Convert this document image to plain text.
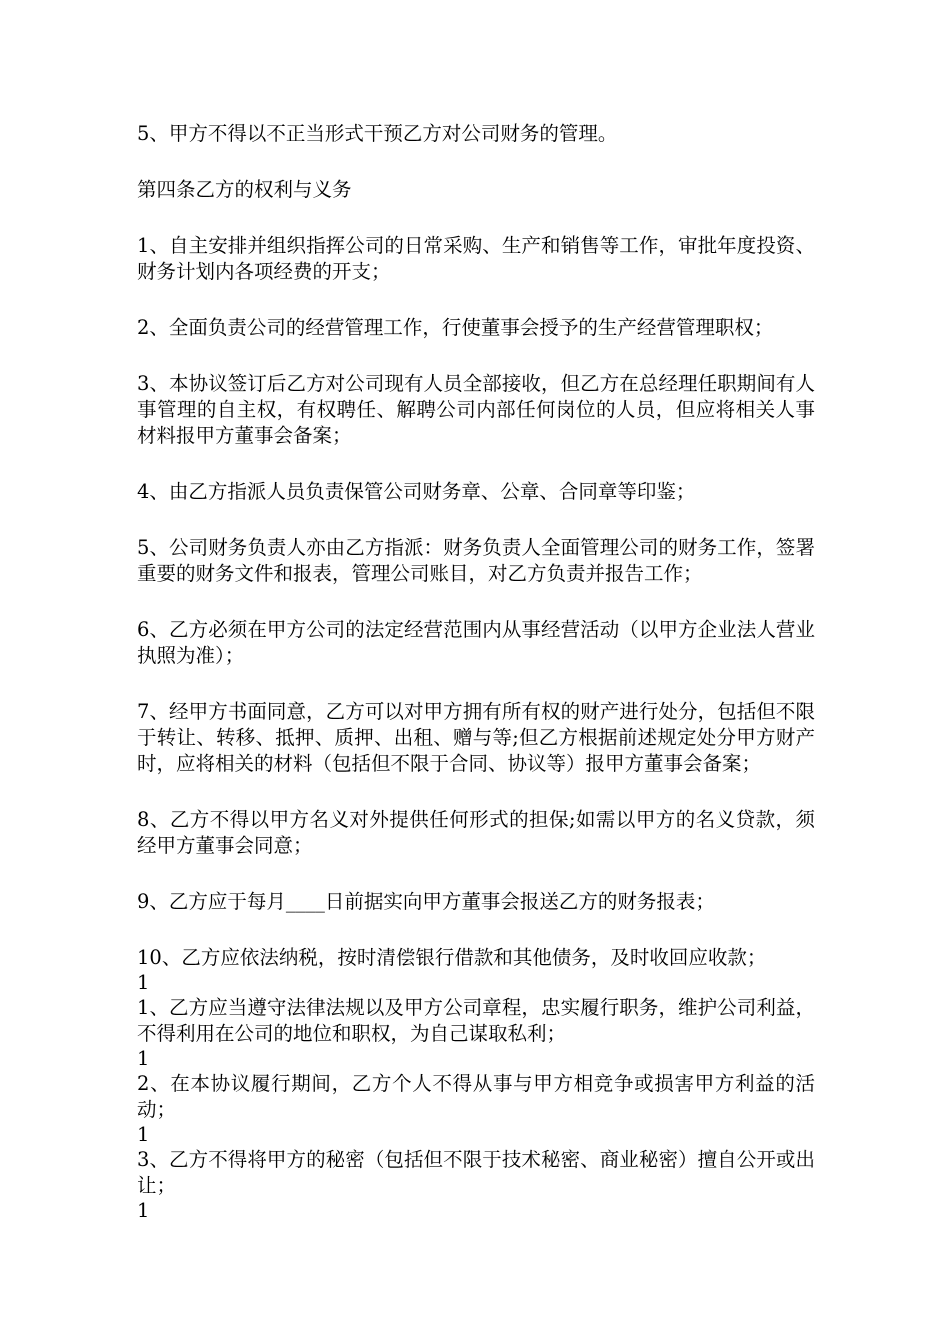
5、甲方不得以不正当形式干预乙方对公司财务的管理。

第四条乙方的权利与义务

1、自主安排并组织指挥公司的日常采购、生产和销售等工作，审批年度投资、财务计划内各项经费的开支；

2、全面负责公司的经营管理工作，行使董事会授予的生产经营管理职权；

3、本协议签订后乙方对公司现有人员全部接收，但乙方在总经理任职期间有人事管理的自主权，有权聘任、解聘公司内部任何岗位的人员，但应将相关人事材料报甲方董事会备案；

4、由乙方指派人员负责保管公司财务章、公章、合同章等印鉴；

5、公司财务负责人亦由乙方指派：财务负责人全面管理公司的财务工作，签署重要的财务文件和报表，管理公司账目，对乙方负责并报告工作；

6、乙方必须在甲方公司的法定经营范围内从事经营活动（以甲方企业法人营业执照为准）；

7、经甲方书面同意，乙方可以对甲方拥有所有权的财产进行处分，包括但不限于转让、转移、抵押、质押、出租、赠与等;但乙方根据前述规定处分甲方财产时，应将相关的材料（包括但不限于合同、协议等）报甲方董事会备案；

8、乙方不得以甲方名义对外提供任何形式的担保;如需以甲方的名义贷款，须经甲方董事会同意；

9、乙方应于每月____日前据实向甲方董事会报送乙方的财务报表；

10、乙方应依法纳税，按时清偿银行借款和其他债务，及时收回应收款；

1

1、乙方应当遵守法律法规以及甲方公司章程，忠实履行职务，维护公司利益，不得利用在公司的地位和职权，为自己谋取私利；

1

2、在本协议履行期间，乙方个人不得从事与甲方相竞争或损害甲方利益的活动；

1

3、乙方不得将甲方的秘密（包括但不限于技术秘密、商业秘密）擅自公开或出让；

1
